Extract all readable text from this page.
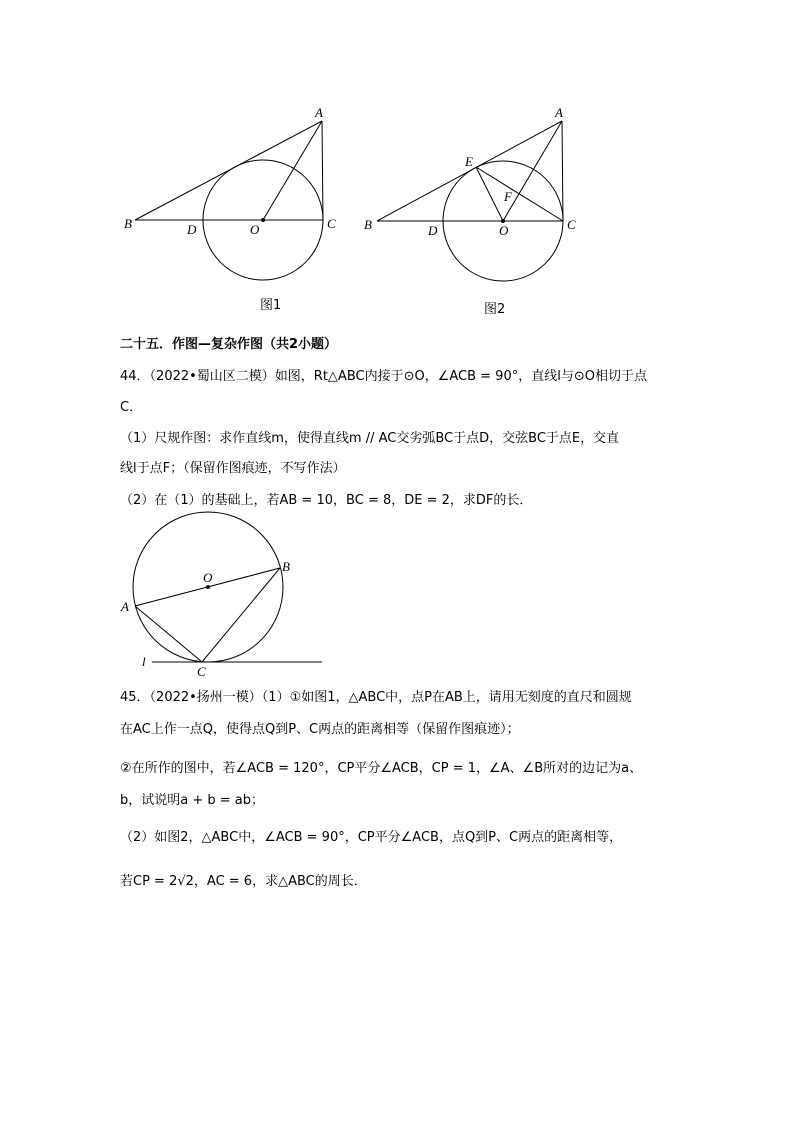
A
B	C
D	O
图1
A
B	C
D	O
E
F
图2
二十五．作图—复杂作图（共2小题）
44．（2022•蜀山区二模）如图，Rt△ABC内接于⊙O，∠ACB = 90°，直线l与⊙O相切于点
C．
（1）尺规作图：求作直线m，使得直线m // AC交劣弧BC于点D，交弦BC于点E，交直
线l于点F；（保留作图痕迹，不写作法）
（2）在（1）的基础上，若AB = 10，BC = 8，DE = 2，求DF的长．
O
A
B
C
l
45．（2022•扬州一模）（1）①如图1，△ABC中，点P在AB上，请用无刻度的直尺和圆规
在AC上作一点Q，使得点Q到P、C两点的距离相等（保留作图痕迹）；
②在所作的图中，若∠ACB = 120°，CP平分∠ACB，CP = 1，∠A、∠B所对的边记为a、
b，试说明a + b = ab；
（2）如图2，△ABC中，∠ACB = 90°，CP平分∠ACB，点Q到P、C两点的距离相等，
若CP = 2√2，AC = 6，求△ABC的周长．
